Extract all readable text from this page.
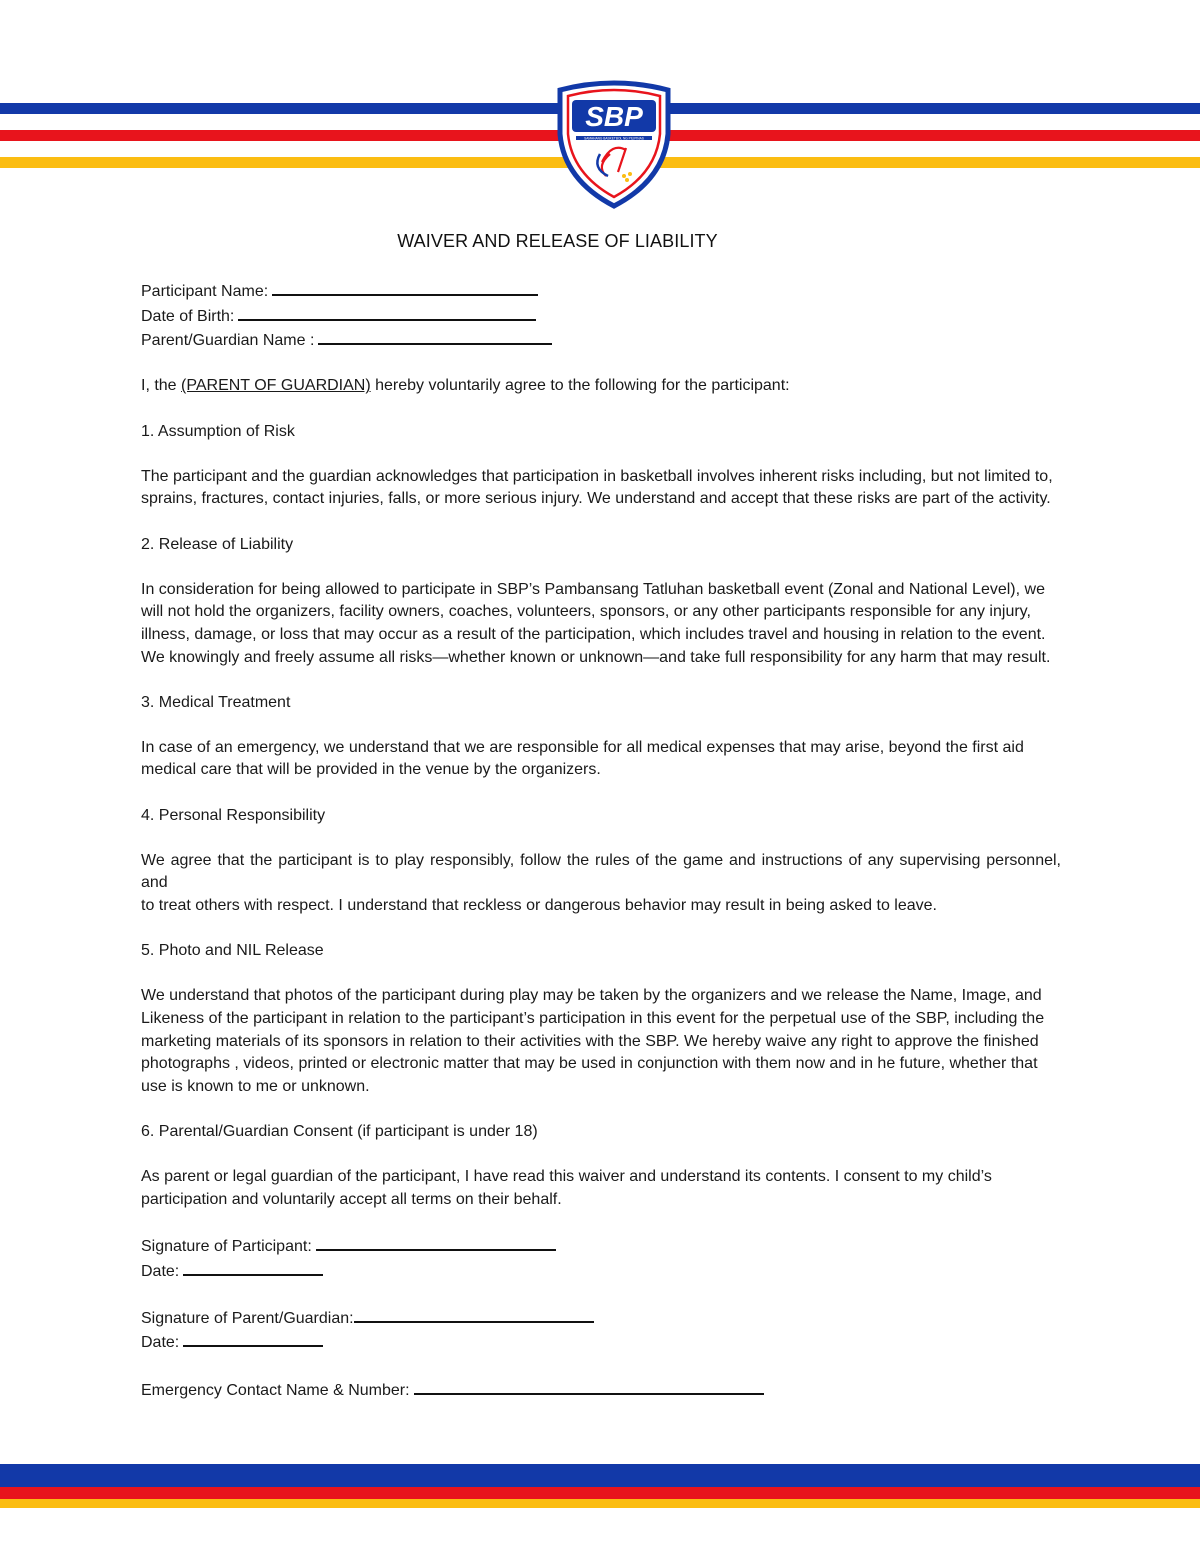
SBP
SAMAHANG BASKETBOL NG PILIPINAS
WAIVER AND RELEASE OF LIABILITY

Participant Name:

Date of Birth:

Parent/Guardian Name :

I, the (PARENT OF GUARDIAN) hereby voluntarily agree to the following for the participant:

1. Assumption of Risk

The participant and the guardian acknowledges that participation in basketball involves inherent risks including, but not limited to,

sprains, fractures, contact injuries, falls, or more serious injury. We understand and accept that these risks are part of the activity.

2. Release of Liability

In consideration for being allowed to participate in SBP’s Pambansang Tatluhan basketball event (Zonal and National Level), we

will not hold the organizers, facility owners, coaches, volunteers, sponsors, or any other participants responsible for any injury,

illness, damage, or loss that may occur as a result of the participation, which includes travel and housing in relation to the event.

We knowingly and freely assume all risks—whether known or unknown—and take full responsibility for any harm that may result.

3. Medical Treatment

In case of an emergency, we understand that we are responsible for all medical expenses that may arise, beyond the first aid

medical care that will be provided in the venue by the organizers.

4. Personal Responsibility

We agree that the participant is to play responsibly, follow the rules of the game and instructions of any supervising personnel, and

to treat others with respect. I understand that reckless or dangerous behavior may result in being asked to leave.

5. Photo and NIL Release

We understand that photos of the participant during play may be taken by the organizers and we release the Name, Image, and

Likeness of the participant in relation to the participant’s participation in this event for the perpetual use of the SBP, including the

marketing materials of its sponsors in relation to their activities with the SBP. We hereby waive any right to approve the finished

photographs , videos, printed or electronic matter that may be used in conjunction with them now and in he future, whether that

use is known to me or unknown.

6. Parental/Guardian Consent (if participant is under 18)

As parent or legal guardian of the participant, I have read this waiver and understand its contents. I consent to my child’s

participation and voluntarily accept all terms on their behalf.

Signature of Participant:

Date:

Signature of Parent/Guardian:

Date:

Emergency Contact Name & Number:
